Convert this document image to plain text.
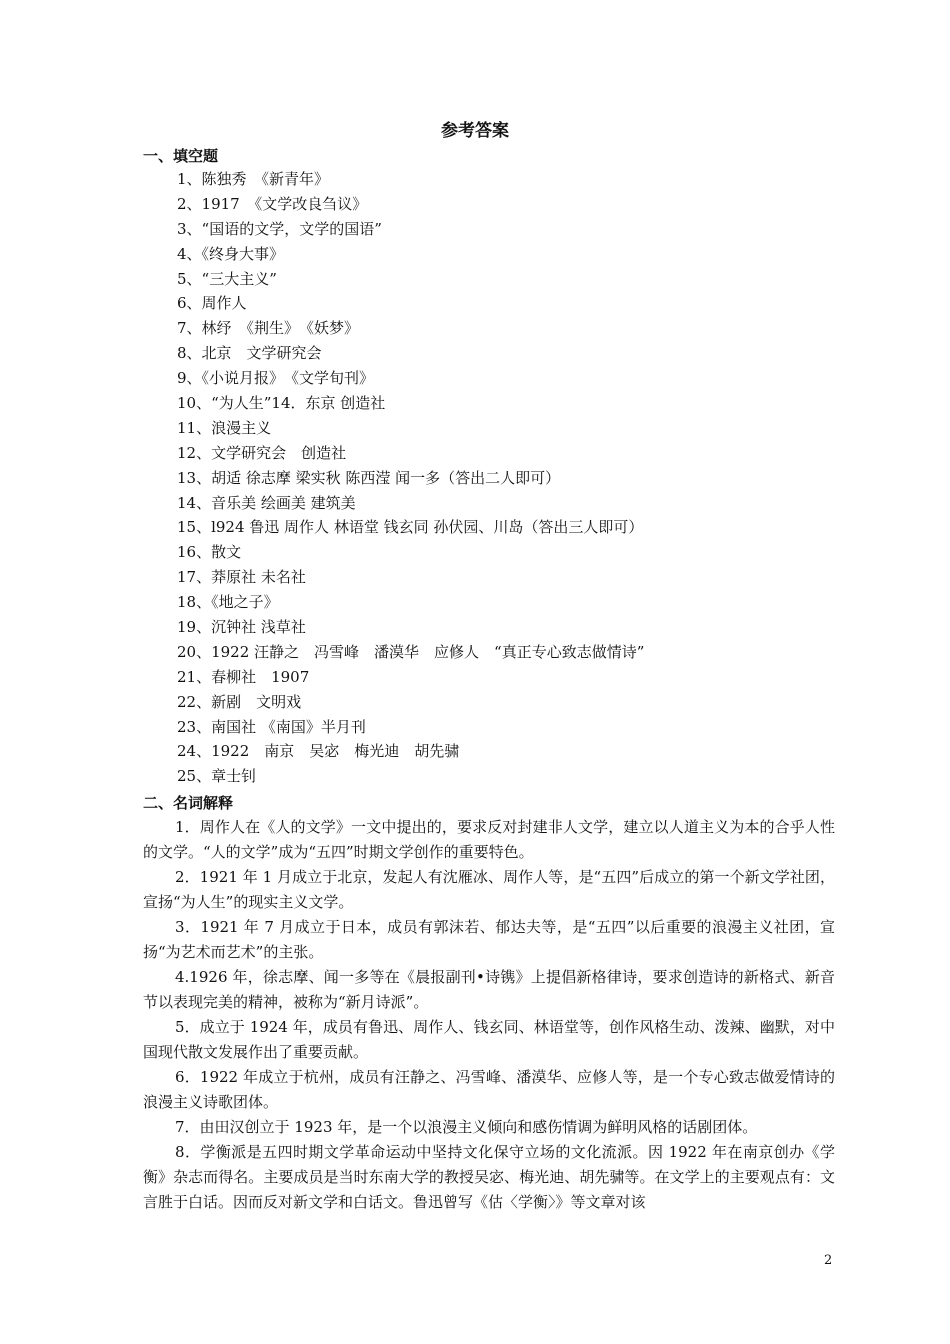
参考答案
一、填空题
1、陈独秀　《新青年》
2、1917　《文学改良刍议》
3、“国语的文学，文学的国语”
4、《终身大事》
5、“三大主义”
6、周作人
7、林纾　《荆生》　《妖梦》
8、北京　文学研究会
9、《小说月报》　《文学旬刊》
10、“为人生”14．东京 创造社
11、浪漫主义
12、文学研究会　创造社
13、胡适 徐志摩 梁实秋 陈西滢 闻一多（答出二人即可）
14、音乐美 绘画美 建筑美
15、l924 鲁迅 周作人 林语堂 钱玄同 孙伏园、川岛（答出三人即可）
16、散文
17、莽原社 未名社
18、《地之子》
19、沉钟社 浅草社
20、1922 汪静之　冯雪峰　潘漠华　应修人　“真正专心致志做情诗”
21、春柳社　1907
22、新剧　文明戏
23、南国社 《南国》半月刊
24、1922　南京　吴宓　梅光迪　胡先骕
25、章士钊
二、名词解释

1．周作人在《人的文学》一文中提出的，要求反对封建非人文学，建立以人道主义为本的合乎人性的文学。“人的文学”成为“五四”时期文学创作的重要特色。

2．1921 年 1 月成立于北京，发起人有沈雁冰、周作人等，是“五四”后成立的第一个新文学社团，宣扬“为人生”的现实主义文学。

3．1921 年 7 月成立于日本，成员有郭沫若、郁达夫等，是“五四”以后重要的浪漫主义社团，宣扬“为艺术而艺术”的主张。

4.1926 年，徐志摩、闻一多等在《晨报副刊•诗镌》上提倡新格律诗，要求创造诗的新格式、新音节以表现完美的精神，被称为“新月诗派”。

5．成立于 1924 年，成员有鲁迅、周作人、钱玄同、林语堂等，创作风格生动、泼辣、幽默，对中国现代散文发展作出了重要贡献。

6．1922 年成立于杭州，成员有汪静之、冯雪峰、潘漠华、应修人等，是一个专心致志做爱情诗的浪漫主义诗歌团体。

7．由田汉创立于 1923 年，是一个以浪漫主义倾向和感伤情调为鲜明风格的话剧团体。

8．学衡派是五四时期文学革命运动中坚持文化保守立场的文化流派。因 1922 年在南京创办《学衡》杂志而得名。主要成员是当时东南大学的教授吴宓、梅光迪、胡先骕等。在文学上的主要观点有：文言胜于白话。因而反对新文学和白话文。鲁迅曾写《估〈学衡〉》等文章对该

2
